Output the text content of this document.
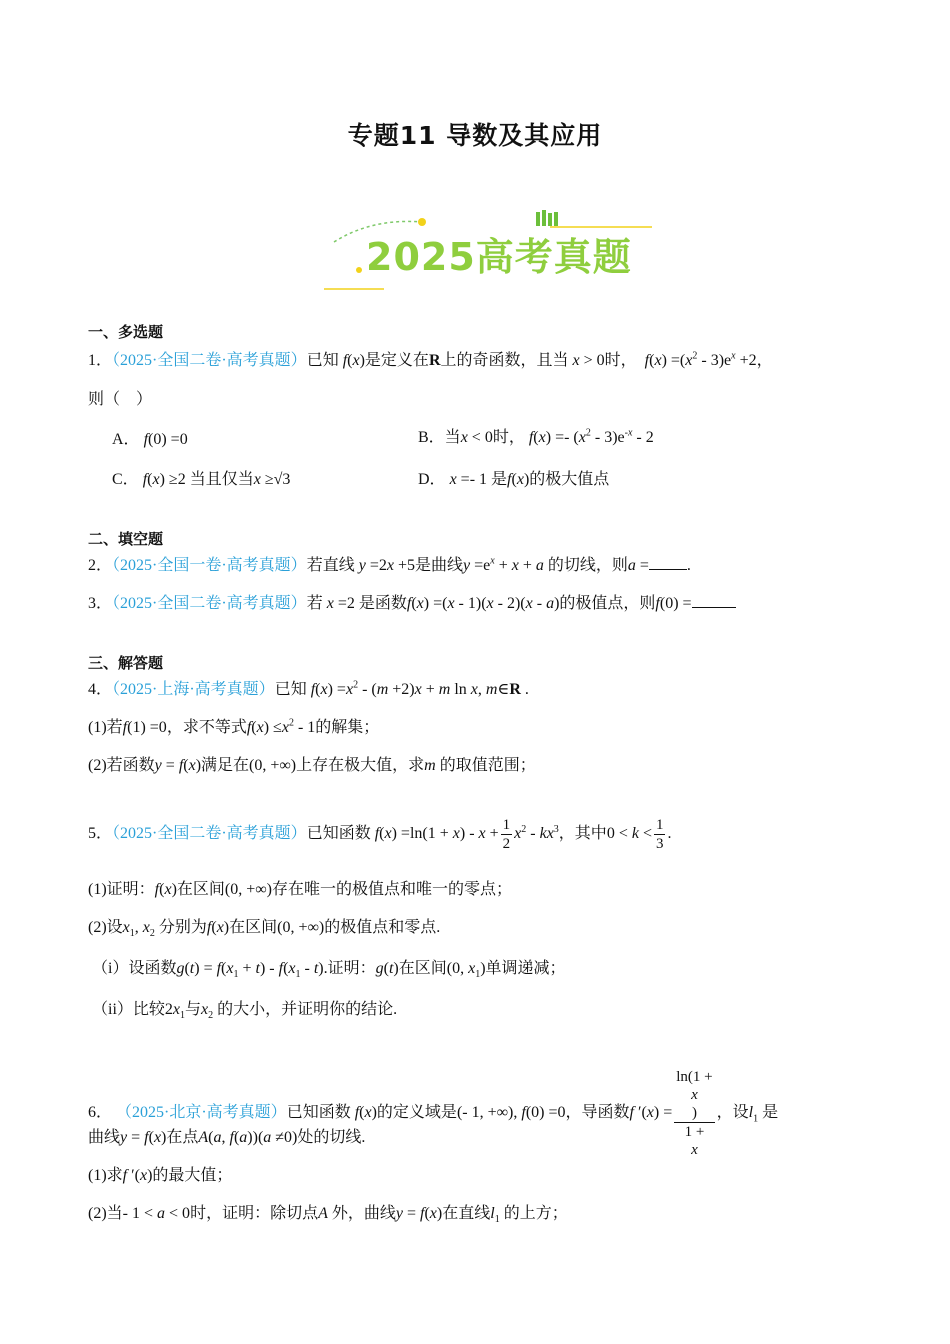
专题11 导数及其应用
2025高考真题
一、多选题
1．（2025·全国二卷·高考真题）已知 f(x)是定义在R上的奇函数，且当 x > 0时， $f(x) =(x^2 - 3)e^x +2$，
则（　）
A． f(0) =0	B．当x < 0时， $f(x) =- (x^2 - 3)e^{-x} - 2$
C． f(x) ≥2 当且仅当x ≥√3	D． x =- 1 是f(x)的极大值点
二、填空题
2．（2025·全国一卷·高考真题）若直线 y =2x +5是曲线$y =e^x + x + a$ 的切线，则a = .
3．（2025·全国二卷·高考真题）若 x =2 是函数f(x) =(x - 1)(x - 2)(x - a)的极值点，则f(0) =
三、解答题
4．（2025·上海·高考真题）已知 $f(x) =x^2 - (m +2)x + m$ ln x, m∈R .
(1)若f(1) =0，求不等式$f(x) \le x^2 - 1$的解集；
(2)若函数y = f(x)满足在(0, +∞)上存在极大值，求m 的取值范围；
5．（2025·全国二卷·高考真题）已知函数 $f(x) =\ln(1 + x) - x + \frac{1}{2} x^2 - kx^3$，其中$0 < k < \frac{1}{3}$ .
(1)证明：f(x)在区间(0, +∞)存在唯一的极值点和唯一的零点；
(2)设$x_1$, $x_2$ 分别为f(x)在区间(0, +∞)的极值点和零点.
（i）设函数$g(t) = f(x_1 + t) - f(x_1 - t)$.证明：g(t)在区间(0, $x_1$)单调递减；
（ii）比较$2x_1$与$x_2$ 的大小，并证明你的结论.
6． （2025·北京·高考真题）已知函数 f(x)的定义域是(- 1, +∞), f(0) =0，导函数f ′(x) = ln(1 +
x
)
1 +
x ，设$l_1$ 是
曲线y = f(x)在点A(a, f(a))(a ≠0)处的切线.
(1)求f ′(x)的最大值；
(2)当- 1 < a < 0时，证明：除切点A 外，曲线y = f(x)在直线$l_1$ 的上方；
